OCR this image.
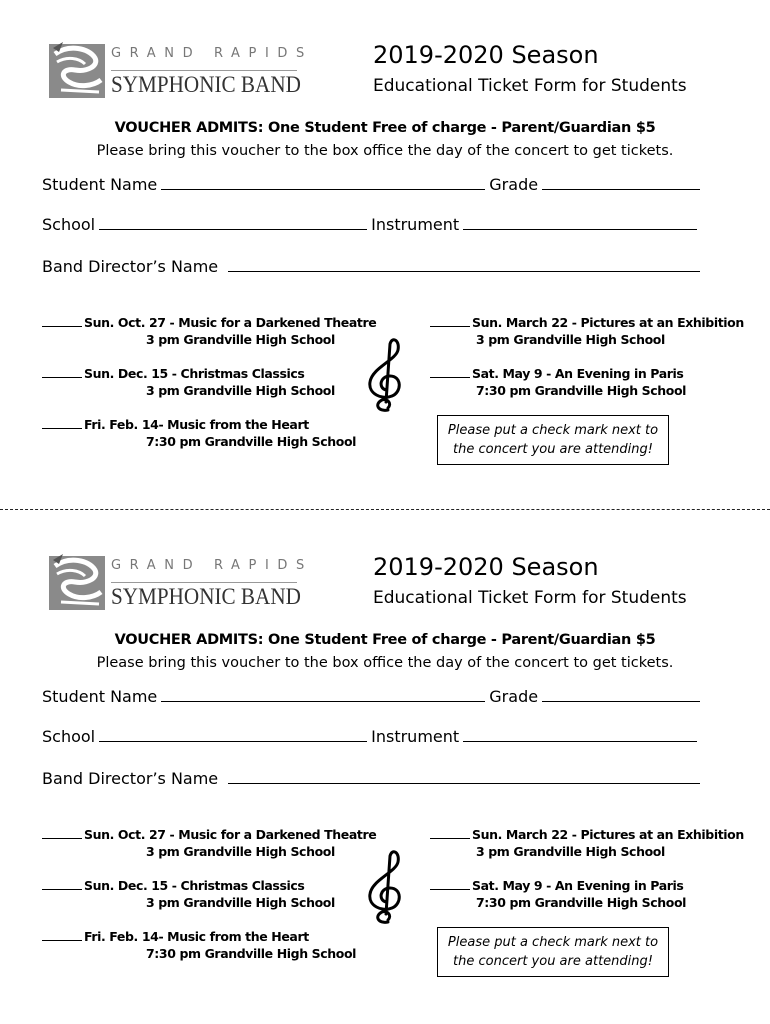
GRAND RAPIDS
SYMPHONIC BAND
2019-2020 Season
Educational Ticket Form for Students
VOUCHER ADMITS: One Student Free of charge - Parent/Guardian $5
Please bring this voucher to the box office the day of the concert to get tickets.
Student Name	Grade
School	Instrument
Band Director’s Name
Sun. Oct. 27 - Music for a Darkened Theatre
3 pm Grandville High School
Sun. Dec. 15 - Christmas Classics
3 pm Grandville High School
Fri. Feb. 14- Music from the Heart
7:30 pm Grandville High School
Sun. March 22 - Pictures at an Exhibition
3 pm Grandville High School
Sat. May 9 - An Evening in Paris
7:30 pm Grandville High School
Please put a check mark next to
the concert you are attending!
GRAND RAPIDS
SYMPHONIC BAND
2019-2020 Season
Educational Ticket Form for Students
VOUCHER ADMITS: One Student Free of charge - Parent/Guardian $5
Please bring this voucher to the box office the day of the concert to get tickets.
Student Name	Grade
School	Instrument
Band Director’s Name
Sun. Oct. 27 - Music for a Darkened Theatre
3 pm Grandville High School
Sun. Dec. 15 - Christmas Classics
3 pm Grandville High School
Fri. Feb. 14- Music from the Heart
7:30 pm Grandville High School
Sun. March 22 - Pictures at an Exhibition
3 pm Grandville High School
Sat. May 9 - An Evening in Paris
7:30 pm Grandville High School
Please put a check mark next to
the concert you are attending!
